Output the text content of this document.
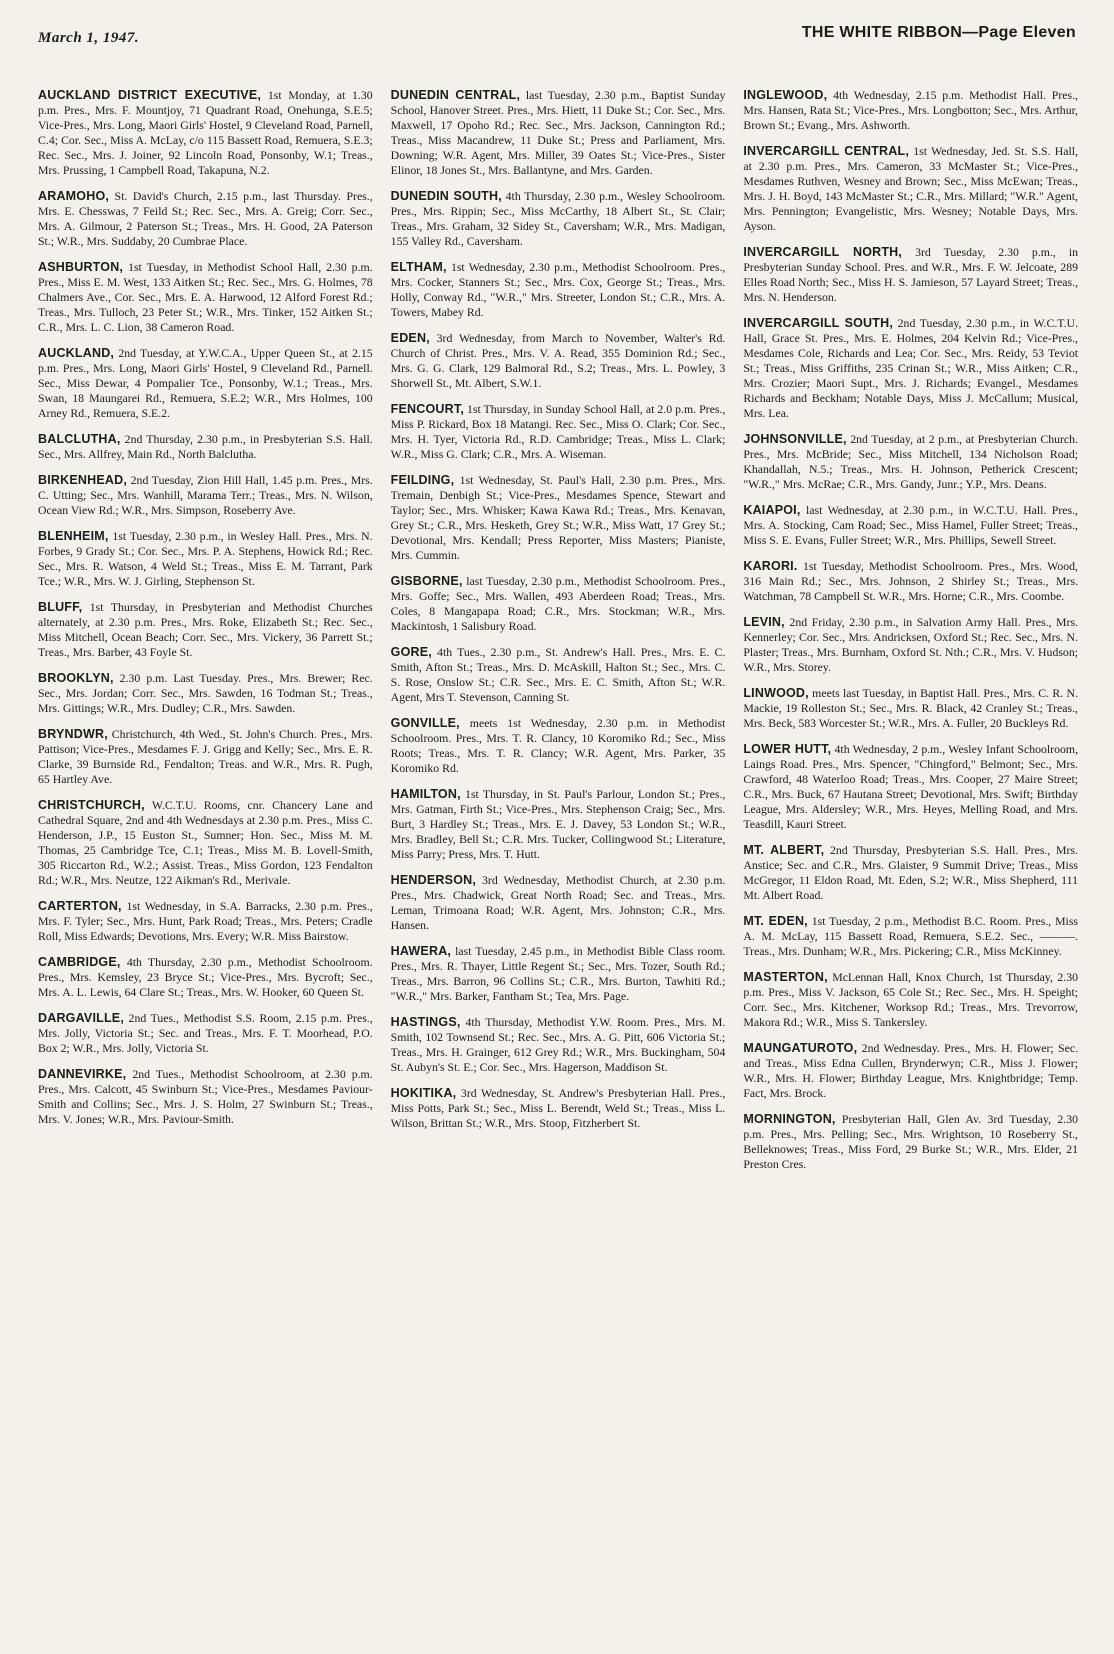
March 1, 1947.	THE WHITE RIBBON—Page Eleven

AUCKLAND DISTRICT EXECUTIVE, 1st Monday, at 1.30 p.m. Pres., Mrs. F. Mountjoy, 71 Quadrant Road, Onehunga, S.E.5; Vice-Pres., Mrs. Long, Maori Girls' Hostel, 9 Cleveland Road, Parnell, C.4; Cor. Sec., Miss A. McLay, c/o 115 Bassett Road, Remuera, S.E.3; Rec. Sec., Mrs. J. Joiner, 92 Lincoln Road, Ponsonby, W.1; Treas., Mrs. Prussing, 1 Campbell Road, Takapuna, N.2.

ARAMOHO, St. David's Church, 2.15 p.m., last Thursday. Pres., Mrs. E. Chesswas, 7 Feild St.; Rec. Sec., Mrs. A. Greig; Corr. Sec., Mrs. A. Gilmour, 2 Paterson St.; Treas., Mrs. H. Good, 2A Paterson St.; W.R., Mrs. Suddaby, 20 Cumbrae Place.

ASHBURTON, 1st Tuesday, in Methodist School Hall, 2.30 p.m. Pres., Miss E. M. West, 133 Aitken St.; Rec. Sec., Mrs. G. Holmes, 78 Chalmers Ave., Cor. Sec., Mrs. E. A. Harwood, 12 Alford Forest Rd.; Treas., Mrs. Tulloch, 23 Peter St.; W.R., Mrs. Tinker, 152 Aitken St.; C.R., Mrs. L. C. Lion, 38 Cameron Road.

AUCKLAND, 2nd Tuesday, at Y.W.C.A., Upper Queen St., at 2.15 p.m. Pres., Mrs. Long, Maori Girls' Hostel, 9 Cleveland Rd., Parnell. Sec., Miss Dewar, 4 Pompalier Tce., Ponsonby, W.1.; Treas., Mrs. Swan, 18 Maungarei Rd., Remuera, S.E.2; W.R., Mrs Holmes, 100 Arney Rd., Remuera, S.E.2.

BALCLUTHA, 2nd Thursday, 2.30 p.m., in Presbyterian S.S. Hall. Sec., Mrs. Allfrey, Main Rd., North Balclutha.

BIRKENHEAD, 2nd Tuesday, Zion Hill Hall, 1.45 p.m. Pres., Mrs. C. Utting; Sec., Mrs. Wanhill, Marama Terr.; Treas., Mrs. N. Wilson, Ocean View Rd.; W.R., Mrs. Simpson, Roseberry Ave.

BLENHEIM, 1st Tuesday, 2.30 p.m., in Wesley Hall. Pres., Mrs. N. Forbes, 9 Grady St.; Cor. Sec., Mrs. P. A. Stephens, Howick Rd.; Rec. Sec., Mrs. R. Watson, 4 Weld St.; Treas., Miss E. M. Tarrant, Park Tce.; W.R., Mrs. W. J. Girling, Stephenson St.

BLUFF, 1st Thursday, in Presbyterian and Methodist Churches alternately, at 2.30 p.m. Pres., Mrs. Roke, Elizabeth St.; Rec. Sec., Miss Mitchell, Ocean Beach; Corr. Sec., Mrs. Vickery, 36 Parrett St.; Treas., Mrs. Barber, 43 Foyle St.

BROOKLYN, 2.30 p.m. Last Tuesday. Pres., Mrs. Brewer; Rec. Sec., Mrs. Jordan; Corr. Sec., Mrs. Sawden, 16 Todman St.; Treas., Mrs. Gittings; W.R., Mrs. Dudley; C.R., Mrs. Sawden.

BRYNDWR, Christchurch, 4th Wed., St. John's Church. Pres., Mrs. Pattison; Vice-Pres., Mesdames F. J. Grigg and Kelly; Sec., Mrs. E. R. Clarke, 39 Burnside Rd., Fendalton; Treas. and W.R., Mrs. R. Pugh, 65 Hartley Ave.

CHRISTCHURCH, W.C.T.U. Rooms, cnr. Chancery Lane and Cathedral Square, 2nd and 4th Wednesdays at 2.30 p.m. Pres., Miss C. Henderson, J.P., 15 Euston St., Sumner; Hon. Sec., Miss M. M. Thomas, 25 Cambridge Tce, C.1; Treas., Miss M. B. Lovell-Smith, 305 Riccarton Rd., W.2.; Assist. Treas., Miss Gordon, 123 Fendalton Rd.; W.R., Mrs. Neutze, 122 Aikman's Rd., Merivale.

CARTERTON, 1st Wednesday, in S.A. Barracks, 2.30 p.m. Pres., Mrs. F. Tyler; Sec., Mrs. Hunt, Park Road; Treas., Mrs. Peters; Cradle Roll, Miss Edwards; Devotions, Mrs. Every; W.R. Miss Bairstow.

CAMBRIDGE, 4th Thursday, 2.30 p.m., Methodist Schoolroom. Pres., Mrs. Kemsley, 23 Bryce St.; Vice-Pres., Mrs. Bycroft; Sec., Mrs. A. L. Lewis, 64 Clare St.; Treas., Mrs. W. Hooker, 60 Queen St.

DARGAVILLE, 2nd Tues., Methodist S.S. Room, 2.15 p.m. Pres., Mrs. Jolly, Victoria St.; Sec. and Treas., Mrs. F. T. Moorhead, P.O. Box 2; W.R., Mrs. Jolly, Victoria St.

DANNEVIRKE, 2nd Tues., Methodist Schoolroom, at 2.30 p.m. Pres., Mrs. Calcott, 45 Swinburn St.; Vice-Pres., Mesdames Paviour-Smith and Collins; Sec., Mrs. J. S. Holm, 27 Swinburn St.; Treas., Mrs. V. Jones; W.R., Mrs. Paviour-Smith.

DUNEDIN CENTRAL, last Tuesday, 2.30 p.m., Baptist Sunday School, Hanover Street. Pres., Mrs. Hiett, 11 Duke St.; Cor. Sec., Mrs. Maxwell, 17 Opoho Rd.; Rec. Sec., Mrs. Jackson, Cannington Rd.; Treas., Miss Macandrew, 11 Duke St.; Press and Parliament, Mrs. Downing; W.R. Agent, Mrs. Miller, 39 Oates St.; Vice-Pres., Sister Elinor, 18 Jones St., Mrs. Ballantyne, and Mrs. Garden.

DUNEDIN SOUTH, 4th Thursday, 2.30 p.m., Wesley Schoolroom. Pres., Mrs. Rippin; Sec., Miss McCarthy, 18 Albert St., St. Clair; Treas., Mrs. Graham, 32 Sidey St., Caversham; W.R., Mrs. Madigan, 155 Valley Rd., Caversham.

ELTHAM, 1st Wednesday, 2.30 p.m., Methodist Schoolroom. Pres., Mrs. Cocker, Stanners St.; Sec., Mrs. Cox, George St.; Treas., Mrs. Holly, Conway Rd., "W.R.," Mrs. Streeter, London St.; C.R., Mrs. A. Towers, Mabey Rd.

EDEN, 3rd Wednesday, from March to November, Walter's Rd. Church of Christ. Pres., Mrs. V. A. Read, 355 Dominion Rd.; Sec., Mrs. G. G. Clark, 129 Balmoral Rd., S.2; Treas., Mrs. L. Powley, 3 Shorwell St., Mt. Albert, S.W.1.

FENCOURT, 1st Thursday, in Sunday School Hall, at 2.0 p.m. Pres., Miss P. Rickard, Box 18 Matangi. Rec. Sec., Miss O. Clark; Cor. Sec., Mrs. H. Tyer, Victoria Rd., R.D. Cambridge; Treas., Miss L. Clark; W.R., Miss G. Clark; C.R., Mrs. A. Wiseman.

FEILDING, 1st Wednesday, St. Paul's Hall, 2.30 p.m. Pres., Mrs. Tremain, Denbigh St.; Vice-Pres., Mesdames Spence, Stewart and Taylor; Sec., Mrs. Whisker; Kawa Kawa Rd.; Treas., Mrs. Kenavan, Grey St.; C.R., Mrs. Hesketh, Grey St.; W.R., Miss Watt, 17 Grey St.; Devotional, Mrs. Kendall; Press Reporter, Miss Masters; Pianiste, Mrs. Cummin.

GISBORNE, last Tuesday, 2.30 p.m., Methodist Schoolroom. Pres., Mrs. Goffe; Sec., Mrs. Wallen, 493 Aberdeen Road; Treas., Mrs. Coles, 8 Mangapapa Road; C.R., Mrs. Stockman; W.R., Mrs. Mackintosh, 1 Salisbury Road.

GORE, 4th Tues., 2.30 p.m., St. Andrew's Hall. Pres., Mrs. E. C. Smith, Afton St.; Treas., Mrs. D. McAskill, Halton St.; Sec., Mrs. C. S. Rose, Onslow St.; C.R. Sec., Mrs. E. C. Smith, Afton St.; W.R. Agent, Mrs T. Stevenson, Canning St.

GONVILLE, meets 1st Wednesday, 2.30 p.m. in Methodist Schoolroom. Pres., Mrs. T. R. Clancy, 10 Koromiko Rd.; Sec., Miss Roots; Treas., Mrs. T. R. Clancy; W.R. Agent, Mrs. Parker, 35 Koromiko Rd.

HAMILTON, 1st Thursday, in St. Paul's Parlour, London St.; Pres., Mrs. Gatman, Firth St.; Vice-Pres., Mrs. Stephenson Craig; Sec., Mrs. Burt, 3 Hardley St.; Treas., Mrs. E. J. Davey, 53 London St.; W.R., Mrs. Bradley, Bell St.; C.R. Mrs. Tucker, Collingwood St.; Literature, Miss Parry; Press, Mrs. T. Hutt.

HENDERSON, 3rd Wednesday, Methodist Church, at 2.30 p.m. Pres., Mrs. Chadwick, Great North Road; Sec. and Treas., Mrs. Leman, Trimoana Road; W.R. Agent, Mrs. Johnston; C.R., Mrs. Hansen.

HAWERA, last Tuesday, 2.45 p.m., in Methodist Bible Class room. Pres., Mrs. R. Thayer, Little Regent St.; Sec., Mrs. Tozer, South Rd.; Treas., Mrs. Barron, 96 Collins St.; C.R., Mrs. Burton, Tawhiti Rd.; "W.R.," Mrs. Barker, Fantham St.; Tea, Mrs. Page.

HASTINGS, 4th Thursday, Methodist Y.W. Room. Pres., Mrs. M. Smith, 102 Townsend St.; Rec. Sec., Mrs. A. G. Pitt, 606 Victoria St.; Treas., Mrs. H. Grainger, 612 Grey Rd.; W.R., Mrs. Buckingham, 504 St. Aubyn's St. E.; Cor. Sec., Mrs. Hagerson, Maddison St.

HOKITIKA, 3rd Wednesday, St. Andrew's Presbyterian Hall. Pres., Miss Potts, Park St.; Sec., Miss L. Berendt, Weld St.; Treas., Miss L. Wilson, Brittan St.; W.R., Mrs. Stoop, Fitzherbert St.

INGLEWOOD, 4th Wednesday, 2.15 p.m. Methodist Hall. Pres., Mrs. Hansen, Rata St.; Vice-Pres., Mrs. Longbotton; Sec., Mrs. Arthur, Brown St.; Evang., Mrs. Ashworth.

INVERCARGILL CENTRAL, 1st Wednesday, Jed. St. S.S. Hall, at 2.30 p.m. Pres., Mrs. Cameron, 33 McMaster St.; Vice-Pres., Mesdames Ruthven, Wesney and Brown; Sec., Miss McEwan; Treas., Mrs. J. H. Boyd, 143 McMaster St.; C.R., Mrs. Millard; "W.R." Agent, Mrs. Pennington; Evangelistic, Mrs. Wesney; Notable Days, Mrs. Ayson.

INVERCARGILL NORTH, 3rd Tuesday, 2.30 p.m., in Presbyterian Sunday School. Pres. and W.R., Mrs. F. W. Jelcoate, 289 Elles Road North; Sec., Miss H. S. Jamieson, 57 Layard Street; Treas., Mrs. N. Henderson.

INVERCARGILL SOUTH, 2nd Tuesday, 2.30 p.m., in W.C.T.U. Hall, Grace St. Pres., Mrs. E. Holmes, 204 Kelvin Rd.; Vice-Pres., Mesdames Cole, Richards and Lea; Cor. Sec., Mrs. Reidy, 53 Teviot St.; Treas., Miss Griffiths, 235 Crinan St.; W.R., Miss Aitken; C.R., Mrs. Crozier; Maori Supt., Mrs. J. Richards; Evangel., Mesdames Richards and Beckham; Notable Days, Miss J. McCallum; Musical, Mrs. Lea.

JOHNSONVILLE, 2nd Tuesday, at 2 p.m., at Presbyterian Church. Pres., Mrs. McBride; Sec., Miss Mitchell, 134 Nicholson Road; Khandallah, N.5.; Treas., Mrs. H. Johnson, Petherick Crescent; "W.R.," Mrs. McRae; C.R., Mrs. Gandy, Junr.; Y.P., Mrs. Deans.

KAIAPOI, last Wednesday, at 2.30 p.m., in W.C.T.U. Hall. Pres., Mrs. A. Stocking, Cam Road; Sec., Miss Hamel, Fuller Street; Treas., Miss S. E. Evans, Fuller Street; W.R., Mrs. Phillips, Sewell Street.

KARORI. 1st Tuesday, Methodist Schoolroom. Pres., Mrs. Wood, 316 Main Rd.; Sec., Mrs. Johnson, 2 Shirley St.; Treas., Mrs. Watchman, 78 Campbell St. W.R., Mrs. Horne; C.R., Mrs. Coombe.

LEVIN, 2nd Friday, 2.30 p.m., in Salvation Army Hall. Pres., Mrs. Kennerley; Cor. Sec., Mrs. Andricksen, Oxford St.; Rec. Sec., Mrs. N. Plaster; Treas., Mrs. Burnham, Oxford St. Nth.; C.R., Mrs. V. Hudson; W.R., Mrs. Storey.

LINWOOD, meets last Tuesday, in Baptist Hall. Pres., Mrs. C. R. N. Mackie, 19 Rolleston St.; Sec., Mrs. R. Black, 42 Cranley St.; Treas., Mrs. Beck, 583 Worcester St.; W.R., Mrs. A. Fuller, 20 Buckleys Rd.

LOWER HUTT, 4th Wednesday, 2 p.m., Wesley Infant Schoolroom, Laings Road. Pres., Mrs. Spencer, "Chingford," Belmont; Sec., Mrs. Crawford, 48 Waterloo Road; Treas., Mrs. Cooper, 27 Maire Street; C.R., Mrs. Buck, 67 Hautana Street; Devotional, Mrs. Swift; Birthday League, Mrs. Aldersley; W.R., Mrs. Heyes, Melling Road, and Mrs. Teasdill, Kauri Street.

MT. ALBERT, 2nd Thursday, Presbyterian S.S. Hall. Pres., Mrs. Anstice; Sec. and C.R., Mrs. Glaister, 9 Summit Drive; Treas., Miss McGregor, 11 Eldon Road, Mt. Eden, S.2; W.R., Miss Shepherd, 111 Mt. Albert Road.

MT. EDEN, 1st Tuesday, 2 p.m., Methodist B.C. Room. Pres., Miss A. M. McLay, 115 Bassett Road, Remuera, S.E.2. Sec., ———. Treas., Mrs. Dunham; W.R., Mrs. Pickering; C.R., Miss McKinney.

MASTERTON, McLennan Hall, Knox Church, 1st Thursday, 2.30 p.m. Pres., Miss V. Jackson, 65 Cole St.; Rec. Sec., Mrs. H. Speight; Corr. Sec., Mrs. Kitchener, Worksop Rd.; Treas., Mrs. Trevorrow, Makora Rd.; W.R., Miss S. Tankersley.

MAUNGATUROTO, 2nd Wednesday. Pres., Mrs. H. Flower; Sec. and Treas., Miss Edna Cullen, Brynderwyn; C.R., Miss J. Flower; W.R., Mrs. H. Flower; Birthday League, Mrs. Knightbridge; Temp. Fact, Mrs. Brock.

MORNINGTON, Presbyterian Hall, Glen Av. 3rd Tuesday, 2.30 p.m. Pres., Mrs. Pelling; Sec., Mrs. Wrightson, 10 Roseberry St., Belleknowes; Treas., Miss Ford, 29 Burke St.; W.R., Mrs. Elder, 21 Preston Cres.
